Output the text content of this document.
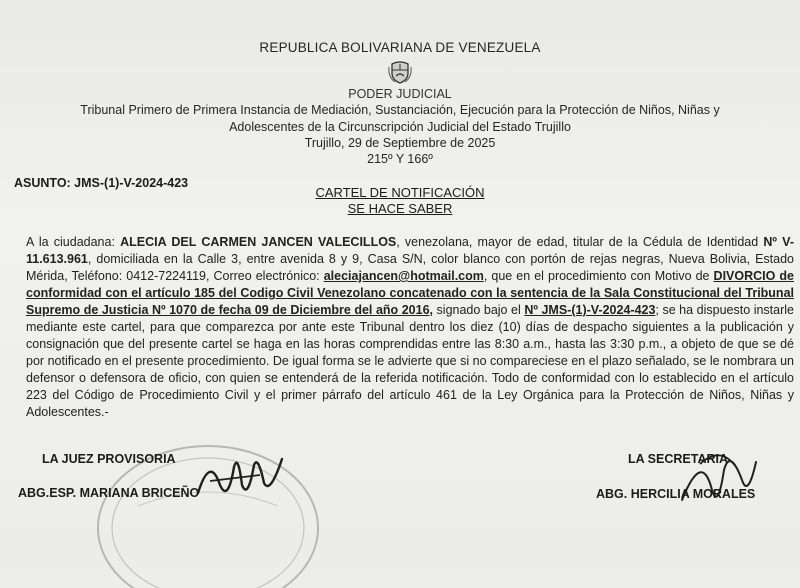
REPUBLICA BOLIVARIANA DE VENEZUELA
PODER JUDICIAL
Tribunal Primero de Primera Instancia de Mediación, Sustanciación, Ejecución para la Protección de Niños, Niñas y
Adolescentes de la Circunscripción Judicial del Estado Trujillo
Trujillo, 29 de Septiembre de 2025
215º Y 166º
ASUNTO: JMS-(1)-V-2024-423
CARTEL DE NOTIFICACIÓN
SE HACE SABER
A la ciudadana: ALECIA DEL CARMEN JANCEN VALECILLOS, venezolana, mayor de edad, titular de la Cédula de Identidad Nº V-11.613.961, domiciliada en la Calle 3, entre avenida 8 y 9, Casa S/N, color blanco con portón de rejas negras, Nueva Bolivia, Estado Mérida, Teléfono: 0412-7224119, Correo electrónico: aleciajancen@hotmail.com, que en el procedimiento con Motivo de DIVORCIO de conformidad con el artículo 185 del Codigo Civil Venezolano concatenado con la sentencia de la Sala Constitucional del Tribunal Supremo de Justicia Nº 1070 de fecha 09 de Diciembre del año 2016, signado bajo el Nº JMS-(1)-V-2024-423; se ha dispuesto instarle mediante este cartel, para que comparezca por ante este Tribunal dentro los diez (10) días de despacho siguientes a la publicación y consignación que del presente cartel se haga en las horas comprendidas entre las 8:30 a.m., hasta las 3:30 p.m., a objeto de que se dé por notificado en el presente procedimiento. De igual forma se le advierte que si no compareciese en el plazo señalado, se le nombrara un defensor o defensora de oficio, con quien se entenderá de la referida notificación. Todo de conformidad con lo establecido en el artículo 223 del Código de Procedimiento Civil y el primer párrafo del artículo 461 de la Ley Orgánica para la Protección de Niños, Niñas y Adolescentes.-
LA JUEZ PROVISORIA
ABG.ESP. MARIANA BRICEÑO
LA SECRETARIA
ABG. HERCILIA MORALES
